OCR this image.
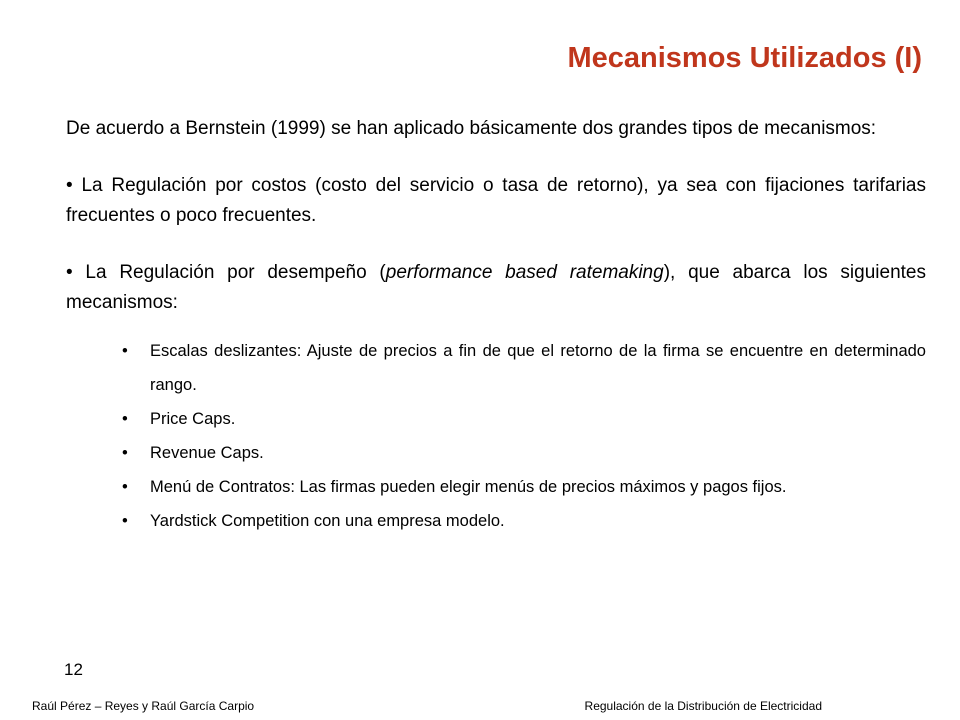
Mecanismos Utilizados (I)

De acuerdo a Bernstein (1999) se han aplicado básicamente dos grandes tipos de mecanismos:

• La Regulación por costos (costo del servicio o tasa de retorno), ya sea con fijaciones tarifarias frecuentes o poco frecuentes.

• La Regulación por desempeño (performance based ratemaking), que abarca los siguientes mecanismos:

• Escalas deslizantes: Ajuste de precios a fin de que el retorno de la firma se encuentre en determinado rango.
• Price Caps.
• Revenue Caps.
• Menú de Contratos: Las firmas pueden elegir menús de precios máximos y pagos fijos.
• Yardstick Competition con una empresa modelo.
12
Raúl Pérez – Reyes y Raúl García Carpio	Regulación de la Distribución de Electricidad
